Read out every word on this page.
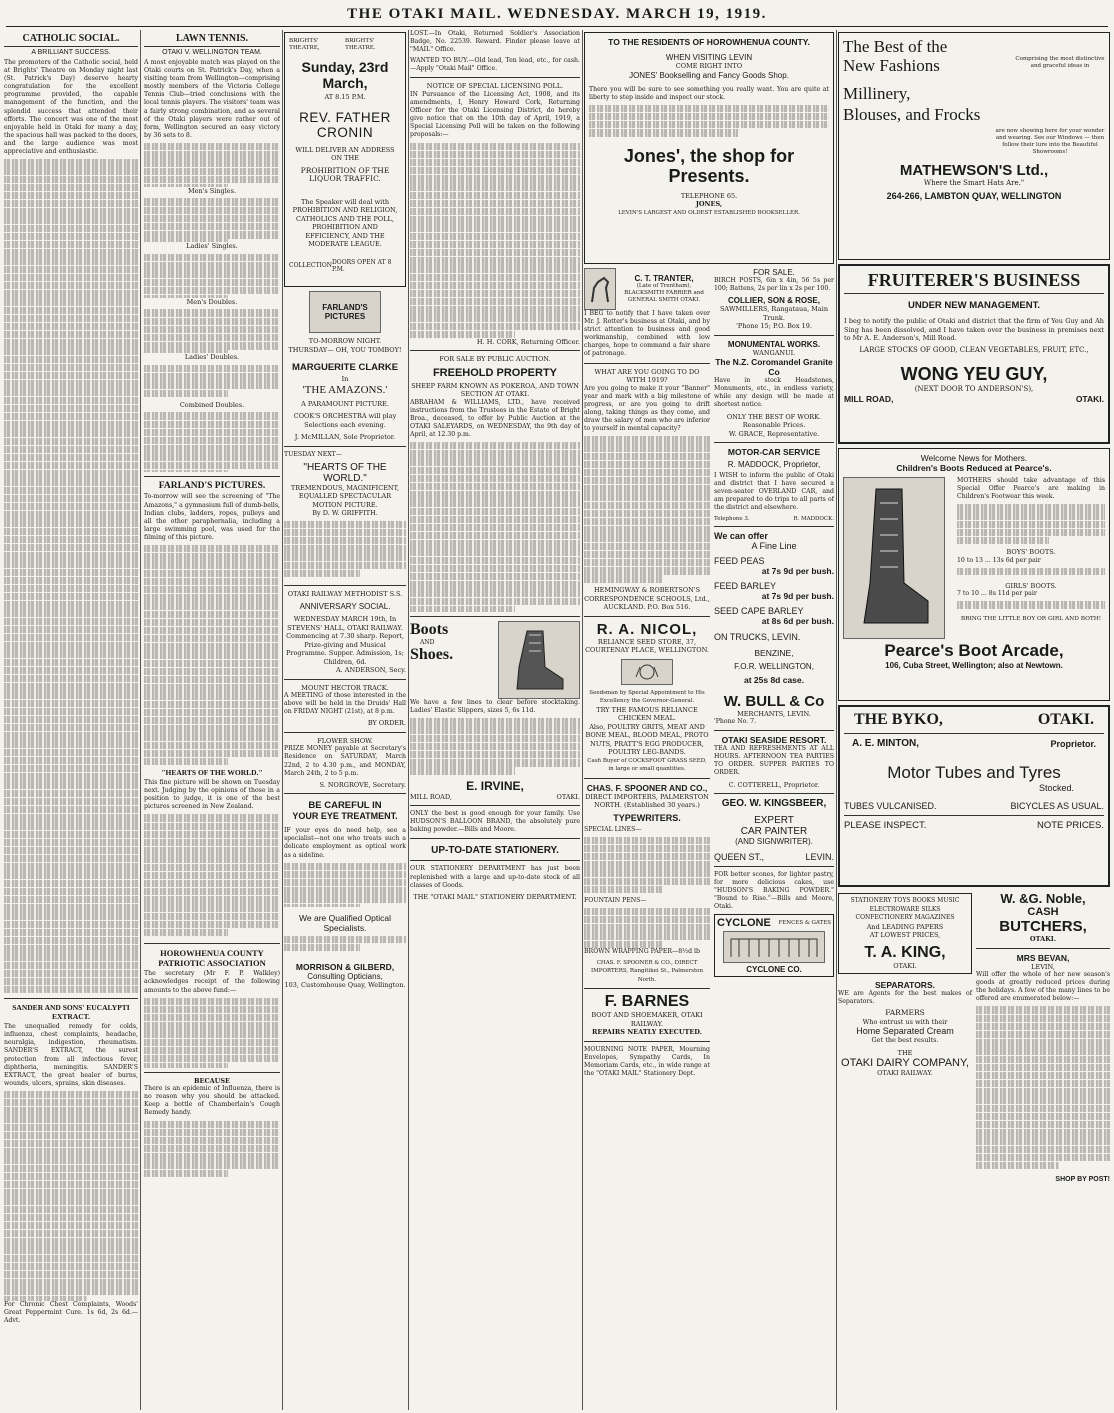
THE OTAKI MAIL. WEDNESDAY. MARCH 19, 1919.
CATHOLIC SOCIAL.
A BRILLIANT SUCCESS.

The promoters of the Catholic social, held at Brights' Theatre on Monday night last (St. Patrick's Day) deserve hearty congratulation for the excellent programme provided, the capable management of the function, and the splendid success that attended their efforts. The concert was one of the most enjoyable held in Otaki for many a day, the spacious hall was packed to the doors, and the large audience was most appreciative and enthusiastic.

SANDER AND SONS' EUCALYPTI EXTRACT.

The unequalled remedy for colds, influenza, chest complaints, headache, neuralgia, indigestion, rheumatism. SANDER'S EXTRACT, the surest protection from all infectious fever, diphtheria, meningitis. SANDER'S EXTRACT, the great healer of burns, wounds, ulcers, sprains, skin diseases.

For Chronic Chest Complaints, Woods' Great Peppermint Cure. 1s 6d, 2s 6d.—Advt.

LAWN TENNIS.
OTAKI V. WELLINGTON TEAM.

A most enjoyable match was played on the Otaki courts on St. Patrick's Day, when a visiting team from Wellington—comprising mostly members of the Victoria College Tennis Club—tried conclusions with the local tennis players. The visitors' team was a fairly strong combination, and as several of the Otaki players were rather out of form, Wellington secured an easy victory by 36 sets to 8.

Men's Singles.
Ladies' Singles.
Men's Doubles.
Ladies' Doubles.
Combined Doubles.
FARLAND'S PICTURES.

To-morrow will see the screening of "The Amazons," a gymnasium full of dumb-bells, Indian clubs, ladders, ropes, pulleys and all the other paraphernalia, including a large swimming pool, was used for the filming of this picture.

"HEARTS OF THE WORLD."

This fine picture will be shown on Tuesday next. Judging by the opinions of those in a position to judge, it is one of the best pictures screened in New Zealand.

HOROWHENUA COUNTY PATRIOTIC ASSOCIATION

The secretary (Mr F. P. Walkley) acknowledges receipt of the following amounts to the above fund:—

BECAUSE

There is an epidemic of Influenza, there is no reason why you should be attacked. Keep a bottle of Chamberlain's Cough Remedy handy.

BRIGHTS' THEATRE,
BRIGHTS' THEATRE.
Sunday, 23rd March,
AT 8.15 P.M.
REV. FATHER CRONIN
WILL DELIVER AN ADDRESS ON THE
PROHIBITION OF THE LIQUOR TRAFFIC.
The Speaker will deal with PROHIBITION AND RELIGION, CATHOLICS AND THE POLL, PROHIBITION AND EFFICIENCY, AND THE MODERATE LEAGUE.
COLLECTION DOORS OPEN AT 8 P.M.
FARLAND'S PICTURES
TO-MORROW NIGHT.
THURSDAY— OH, YOU TOMBOY!
MARGUERITE CLARKE
In
'THE AMAZONS.'
A PARAMOUNT PICTURE.
COOK'S ORCHESTRA will play Selections each evening.
J. McMILLAN, Sole Proprietor.
TUESDAY NEXT—
"HEARTS OF THE WORLD."
TREMENDOUS, MAGNIFICENT, EQUALLED SPECTACULAR MOTION PICTURE.
By D. W. GRIFFITH.
OTAKI RAILWAY METHODIST S.S.
ANNIVERSARY SOCIAL.
WEDNESDAY MARCH 19th, In STEVENS' HALL, OTAKI RAILWAY. Commencing at 7.30 sharp. Report, Prize-giving and Musical Programme. Supper. Admission, 1s; Children, 6d.
A. ANDERSON, Secy.
MOUNT HECTOR TRACK.

A MEETING of those interested in the above will be held in the Druids' Hall on FRIDAY NIGHT (21st), at 8 p.m.

BY ORDER.
FLOWER SHOW.

PRIZE MONEY payable at Secretary's Residence on SATURDAY, March 22nd, 2 to 4.30 p.m., and MONDAY, March 24th, 2 to 5 p.m.

S. NORGROVE, Secretary.
BE CAREFUL IN
YOUR EYE TREATMENT.

IF your eyes do need help, see a specialist—not one who treats such a delicate employment as optical work as a sideline.

We are Qualified Optical Specialists.
MORRISON & GILBERD,
Consulting Opticians,
103, Customhouse Quay, Wellington.

LOST.—In Otaki, Returned Soldier's Association Badge, No. 22539. Reward. Finder please leave at "MAIL" Office.

WANTED TO BUY.—Old lead, Ten lead, etc., for cash.—Apply "Otaki Mail" Office.

NOTICE OF SPECIAL LICENSING POLL.

IN Pursuance of the Licensing Act, 1908, and its amendments, I, Henry Howard Cork, Returning Officer for the Otaki Licensing District, do hereby give notice that on the 10th day of April, 1919, a Special Licensing Poll will be taken on the following proposals:—

H. H. CORK, Returning Officer.
FOR SALE BY PUBLIC AUCTION.
FREEHOLD PROPERTY
SHEEP FARM KNOWN AS POKEROA, AND TOWN SECTION AT OTAKI.

ABRAHAM & WILLIAMS, LTD., have received instructions from the Trustees in the Estate of Bright Broa., deceased, to offer by Public Auction at the OTAKI SALEYARDS, on WEDNESDAY, the 9th day of April, at 12.30 p.m.

Boots
AND
Shoes.

We have a few lines to clear before stocktaking. Ladies' Elastic Slippers, sizes 5, 6s 11d.

E. IRVINE,
MILL ROAD,	OTAKI.

ONLY the best is good enough for your family. Use HUDSON'S BALLOON BRAND, the absolutely pure baking powder.—Bills and Moore.

UP-TO-DATE STATIONERY.

OUR STATIONERY DEPARTMENT has just been replenished with a large and up-to-date stock of all classes of Goods.

THE "OTAKI MAIL" STATIONERY DEPARTMENT.
TO THE RESIDENTS OF HOROWHENUA COUNTY.
WHEN VISITING LEVIN
COME RIGHT INTO
JONES' Bookselling and Fancy Goods Shop.

There you will be sure to see something you really want. You are quite at liberty to step inside and inspect our stock.

Jones', the shop for Presents.
TELEPHONE 65.
JONES,
LEVIN'S LARGEST AND OLDEST ESTABLISHED BOOKSELLER.
C. T. TRANTER,
(Late of Trentham), BLACKSMITH FARRIER and GENERAL SMITH OTAKI.

I BEG to notify that I have taken over Mr. J. Rotter's business at Otaki, and by strict attention to business and good workmanship, combined with low charges, hope to command a fair share of patronage.

WHAT ARE YOU GOING TO DO WITH 1919?

Are you going to make it your "Banner" year and mark with a big milestone of progress, or are you going to drift along, taking things as they come, and draw the salary of men who are inferior to yourself in mental capacity?

HEMINGWAY & ROBERTSON'S CORRESPONDENCE SCHOOLS, Ltd., AUCKLAND. P.O. Box 516.
R. A. NICOL,
RELIANCE SEED STORE, 37, COURTENAY PLACE, WELLINGTON.
Seedsman by Special Appointment to His Excellency the Governor-General.
TRY THE FAMOUS RELIANCE CHICKEN MEAL.
Also, POULTRY GRITS, MEAT AND BONE MEAL, BLOOD MEAL, PROTO NUTS, PRATT'S EGG PRODUCER, POULTRY LEG-BANDS.
Cash Buyer of COCKSFOOT GRASS SEED, in large or small quantities.
CHAS. F. SPOONER AND CO.,
DIRECT IMPORTERS, PALMERSTON NORTH. (Established 30 years.)
TYPEWRITERS.
SPECIAL LINES—
FOUNTAIN PENS—
BROWN WRAPPING PAPER—8½d lb
CHAS. F. SPOONER & CO., DIRECT IMPORTERS, Rangitikei St., Palmerston North.
F. BARNES
BOOT AND SHOEMAKER, OTAKI RAILWAY.
REPAIRS NEATLY EXECUTED.

MOURNING NOTE PAPER, Mourning Envelopes, Sympathy Cards, In Memoriam Cards, etc., in wide range at the "OTAKI MAIL" Stationery Dept.

FOR SALE.

BIRCH POSTS, 6in x 4in, 56 5s per 100; Battens, 2s per lin x 2s per 100.

COLLIER, SON & ROSE,
SAWMILLERS, Rangataua, Main Trunk.
'Phone 15; P.O. Box 19.
MONUMENTAL WORKS.
WANGANUI.
The N.Z. Coromandel Granite Co

Have in stock Headstones, Monuments, etc., in endless variety, while any design will be made at shortest notice.

ONLY THE BEST OF WORK. Reasonable Prices.
W. GRACE, Representative.
MOTOR-CAR SERVICE
R. MADDOCK, Proprietor,

I WISH to inform the public of Otaki and district that I have secured a seven-seater OVERLAND CAR, and am prepared to do trips to all parts of the district and elsewhere.

Telephone 3.	R. MADDOCK.
We can offer
A Fine Line
FEED PEAS
at 7s 9d per bush.
FEED BARLEY
at 7s 9d per bush.
SEED CAPE BARLEY
at 8s 6d per bush.
ON TRUCKS, LEVIN.
BENZINE,
F.O.R. WELLINGTON,
at 25s 8d case.
W. BULL & Co
MERCHANTS, LEVIN.
'Phone No. 7.
OTAKI SEASIDE RESORT.

TEA AND REFRESHMENTS AT ALL HOURS. AFTERNOON TEA PARTIES TO ORDER. SUPPER PARTIES TO ORDER.

C. COTTERELL, Proprietor.
GEO. W. KINGSBEER,
EXPERT
CAR PAINTER
(AND SIGNWRITER).
QUEEN ST.,	LEVIN.

FOR better scones, for lighter pastry, for more delicious cakes, use "HUDSON'S BAKING POWDER." "Bound to Rise."—Bills and Moore, Otaki.

CYCLONE FENCES & GATES
CYCLONE CO.
The Best of the
New Fashions	Comprising the most distinctive and graceful ideas in
Millinery,
Blouses, and Frocks
are now showing here for your wonder and wearing. See our Windows — then follow their lure into the Beautiful Showrooms!
MATHEWSON'S Ltd.,
Where the Smart Hats Are."
264-266, LAMBTON QUAY, WELLINGTON
FRUITERER'S BUSINESS
UNDER NEW MANAGEMENT.

I beg to notify the public of Otaki and district that the firm of Yeu Guy and Ah Sing has been dissolved, and I have taken over the business in premises next to Mr A. E. Anderson's, Mill Road.

LARGE STOCKS OF GOOD, CLEAN VEGETABLES, FRUIT, ETC.,
WONG YEU GUY,
(NEXT DOOR TO ANDERSON'S),
MILL ROAD,	OTAKI.
Welcome News for Mothers.
Children's Boots Reduced at Pearce's.

MOTHERS should take advantage of this Special Offer Pearce's are making in Children's Footwear this week.

BOYS' BOOTS.
10 to 13 ... 13s 6d per pair
GIRLS' BOOTS.
7 to 10 ... 8s 11d per pair
BRING THE LITTLE BOY OR GIRL AND BOTH!
Pearce's Boot Arcade,
106, Cuba Street, Wellington; also at Newtown.
THE BYKO,	OTAKI.
A. E. MINTON,	Proprietor.
Motor Tubes and Tyres
Stocked.
TUBES VULCANISED.	BICYCLES AS USUAL.
PLEASE INSPECT.	NOTE PRICES.
STATIONERY TOYS BOOKS MUSIC ELECTROWARE SILKS CONFECTIONERY MAGAZINES
And LEADING PAPERS
AT LOWEST PRICES,
T. A. KING,
OTAKI.
SEPARATORS.

WE are Agents for the best makes of Separators.

FARMERS
Who entrust us with their
Home Separated Cream
Get the best results.
THE
OTAKI DAIRY COMPANY,
OTAKI RAILWAY.
W. &G. Noble,
CASH
BUTCHERS,
OTAKI.
MRS BEVAN,
LEVIN,

Will offer the whole of her new season's goods at greatly reduced prices during the holidays. A few of the many lines to be offered are enumerated below:—

SHOP BY POST!
